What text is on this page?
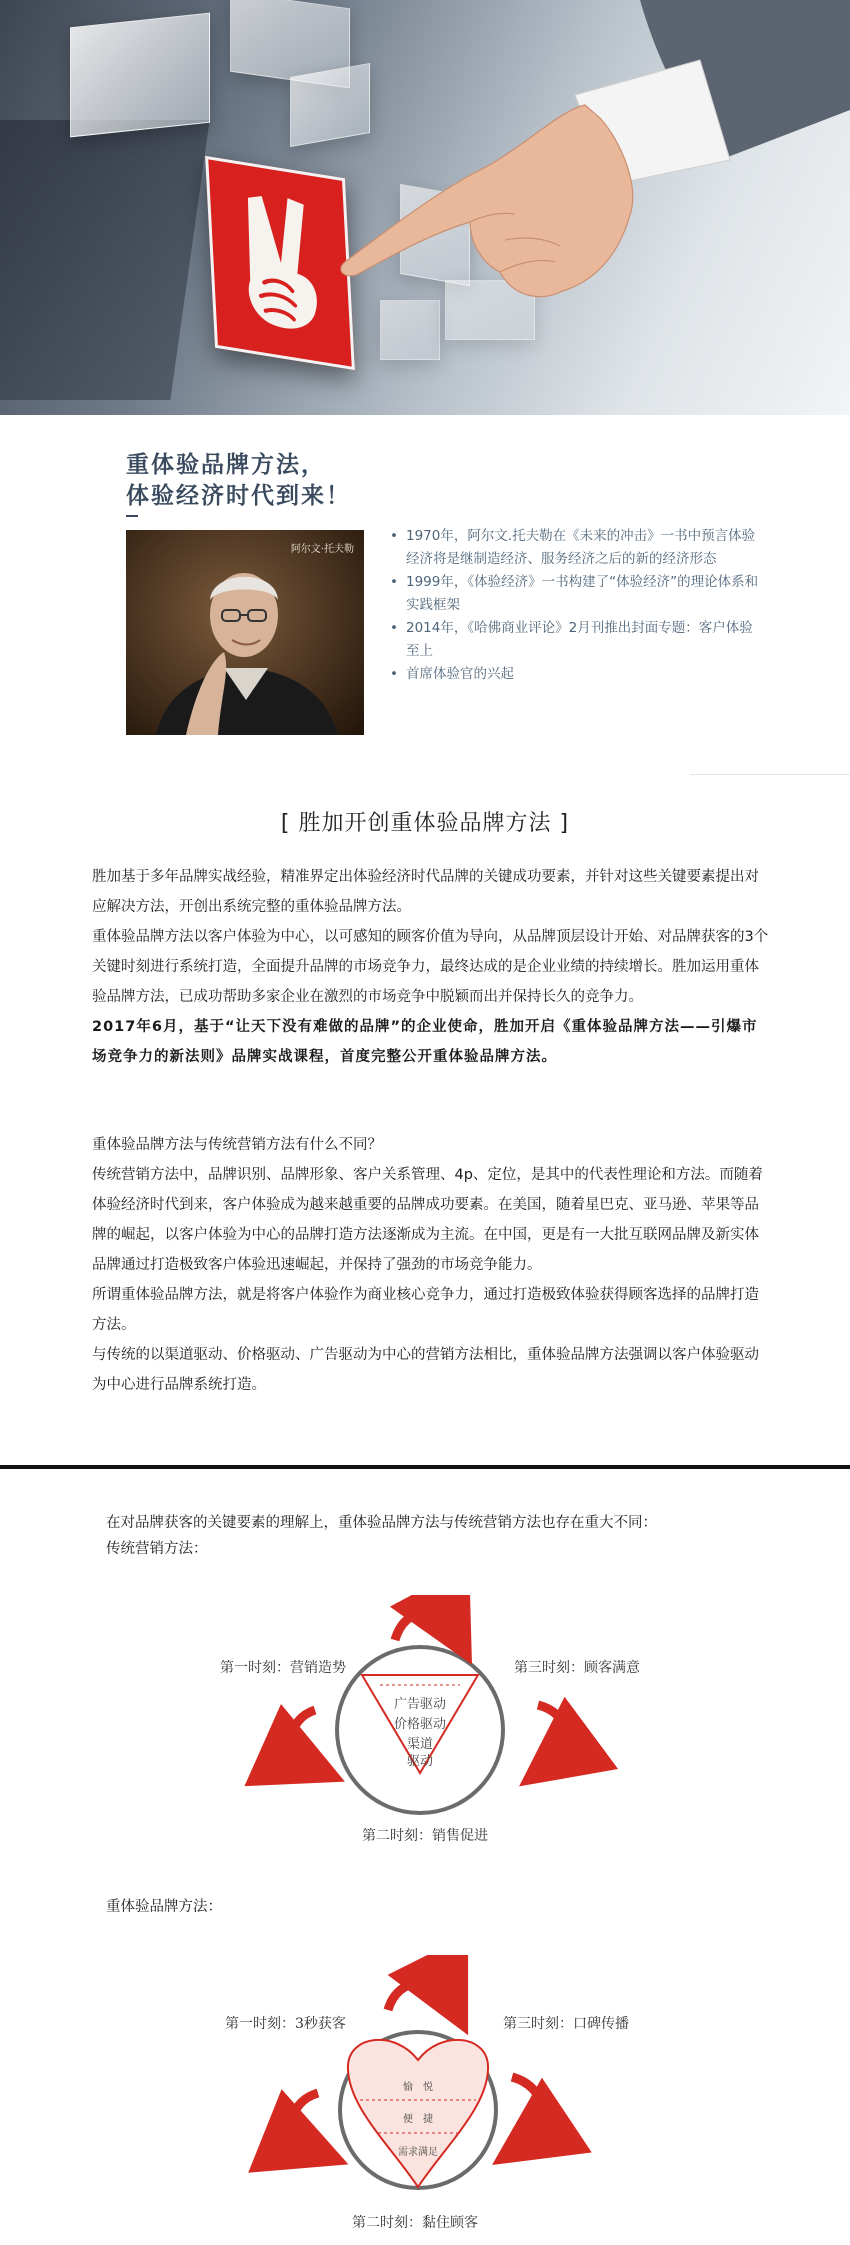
重体验品牌方法，
体验经济时代到来！
阿尔文·托夫勒
• 1970年，阿尔文.托夫勒在《未来的冲击》一书中预言体验经济将是继制造经济、服务经济之后的新的经济形态
• 1999年，《体验经济》一书构建了“体验经济”的理论体系和实践框架
• 2014年，《哈佛商业评论》2月刊推出封面专题：客户体验至上
• 首席体验官的兴起
[ 胜加开创重体验品牌方法 ]

胜加基于多年品牌实战经验，精准界定出体验经济时代品牌的关键成功要素，并针对这些关键要素提出对应解决方法，开创出系统完整的重体验品牌方法。

重体验品牌方法以客户体验为中心，以可感知的顾客价值为导向，从品牌顶层设计开始、对品牌获客的3个关键时刻进行系统打造，全面提升品牌的市场竞争力，最终达成的是企业业绩的持续增长。胜加运用重体验品牌方法，已成功帮助多家企业在激烈的市场竞争中脱颖而出并保持长久的竞争力。

2017年6月，基于“让天下没有难做的品牌”的企业使命，胜加开启《重体验品牌方法——引爆市场竞争力的新法则》品牌实战课程，首度完整公开重体验品牌方法。

重体验品牌方法与传统营销方法有什么不同？

传统营销方法中，品牌识别、品牌形象、客户关系管理、4p、定位，是其中的代表性理论和方法。而随着体验经济时代到来，客户体验成为越来越重要的品牌成功要素。在美国，随着星巴克、亚马逊、苹果等品牌的崛起，以客户体验为中心的品牌打造方法逐渐成为主流。在中国，更是有一大批互联网品牌及新实体品牌通过打造极致客户体验迅速崛起，并保持了强劲的市场竞争能力。

所谓重体验品牌方法，就是将客户体验作为商业核心竞争力，通过打造极致体验获得顾客选择的品牌打造方法。

与传统的以渠道驱动、价格驱动、广告驱动为中心的营销方法相比，重体验品牌方法强调以客户体验驱动为中心进行品牌系统打造。

在对品牌获客的关键要素的理解上，重体验品牌方法与传统营销方法也存在重大不同：

传统营销方法：

第一时刻：营销造势	第三时刻：顾客满意
第二时刻：销售促进
广告驱动
价格驱动
渠道
驱动
重体验品牌方法：
第一时刻：3秒获客	第三时刻：口碑传播
第二时刻：黏住顾客
愉　悦
便　捷
需求满足
